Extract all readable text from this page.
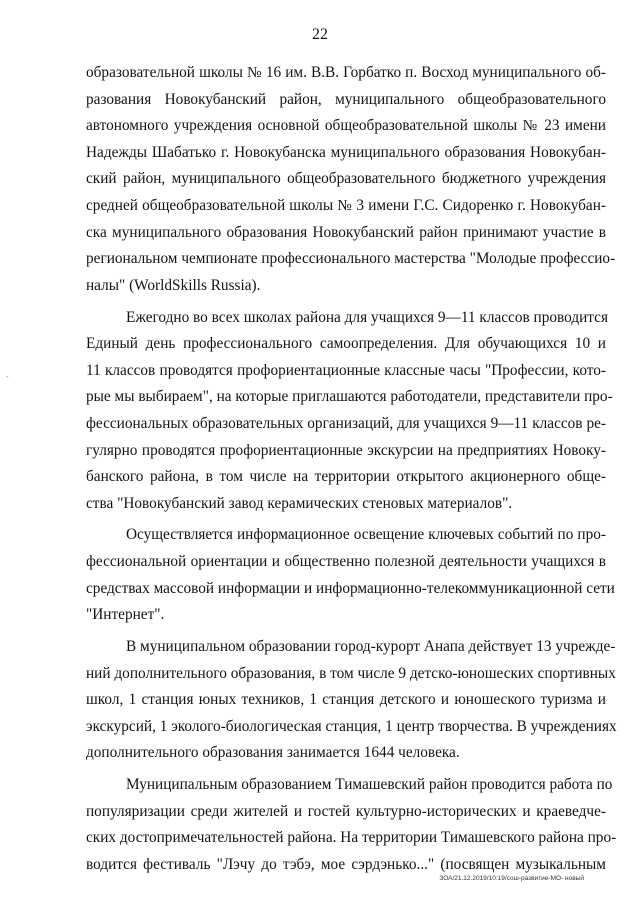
22
-

образовательной школы № 16 им. В.В. Горбатко п. Восход муниципального об-
разования Новокубанский район, муниципального общеобразовательного
автономного учреждения основной общеобразовательной школы № 23 имени
Надежды Шабатько г. Новокубанска муниципального образования Новокубан-
ский район, муниципального общеобразовательного бюджетного учреждения
средней общеобразовательной школы № 3 имени Г.С. Сидоренко г. Новокубан-
ска муниципального образования Новокубанский район принимают участие в
региональном чемпионате профессионального мастерства "Молодые профессио-
налы" (WorldSkills Russia).

Ежегодно во всех школах района для учащихся 9—11 классов проводится
Единый день профессионального самоопределения. Для обучающихся 10 и
11 классов проводятся профориентационные классные часы "Профессии, кото-
рые мы выбираем", на которые приглашаются работодатели, представители про-
фессиональных образовательных организаций, для учащихся 9—11 классов ре-
гулярно проводятся профориентационные экскурсии на предприятиях Новоку-
банского района, в том числе на территории открытого акционерного обще-
ства "Новокубанский завод керамических стеновых материалов".

Осуществляется информационное освещение ключевых событий по про-
фессиональной ориентации и общественно полезной деятельности учащихся в
средствах массовой информации и информационно-телекоммуникационной сети
"Интернет".

В муниципальном образовании город-курорт Анапа действует 13 учрежде-
ний дополнительного образования, в том числе 9 детско-юношеских спортивных
школ, 1 станция юных техников, 1 станция детского и юношеского туризма и
экскурсий, 1 эколого-биологическая станция, 1 центр творчества. В учреждениях
дополнительного образования занимается 1644 человека.

Муниципальным образованием Тимашевский район проводится работа по
популяризации среди жителей и гостей культурно-исторических и краеведче-
ских достопримечательностей района. На территории Тимашевского района про-
водится фестиваль "Лэчу до тэбэ, мое сэрдэнько..." (посвящен музыкальным

ЗОА/21.12.2019/10:19/сош-развитие-МО- новый
